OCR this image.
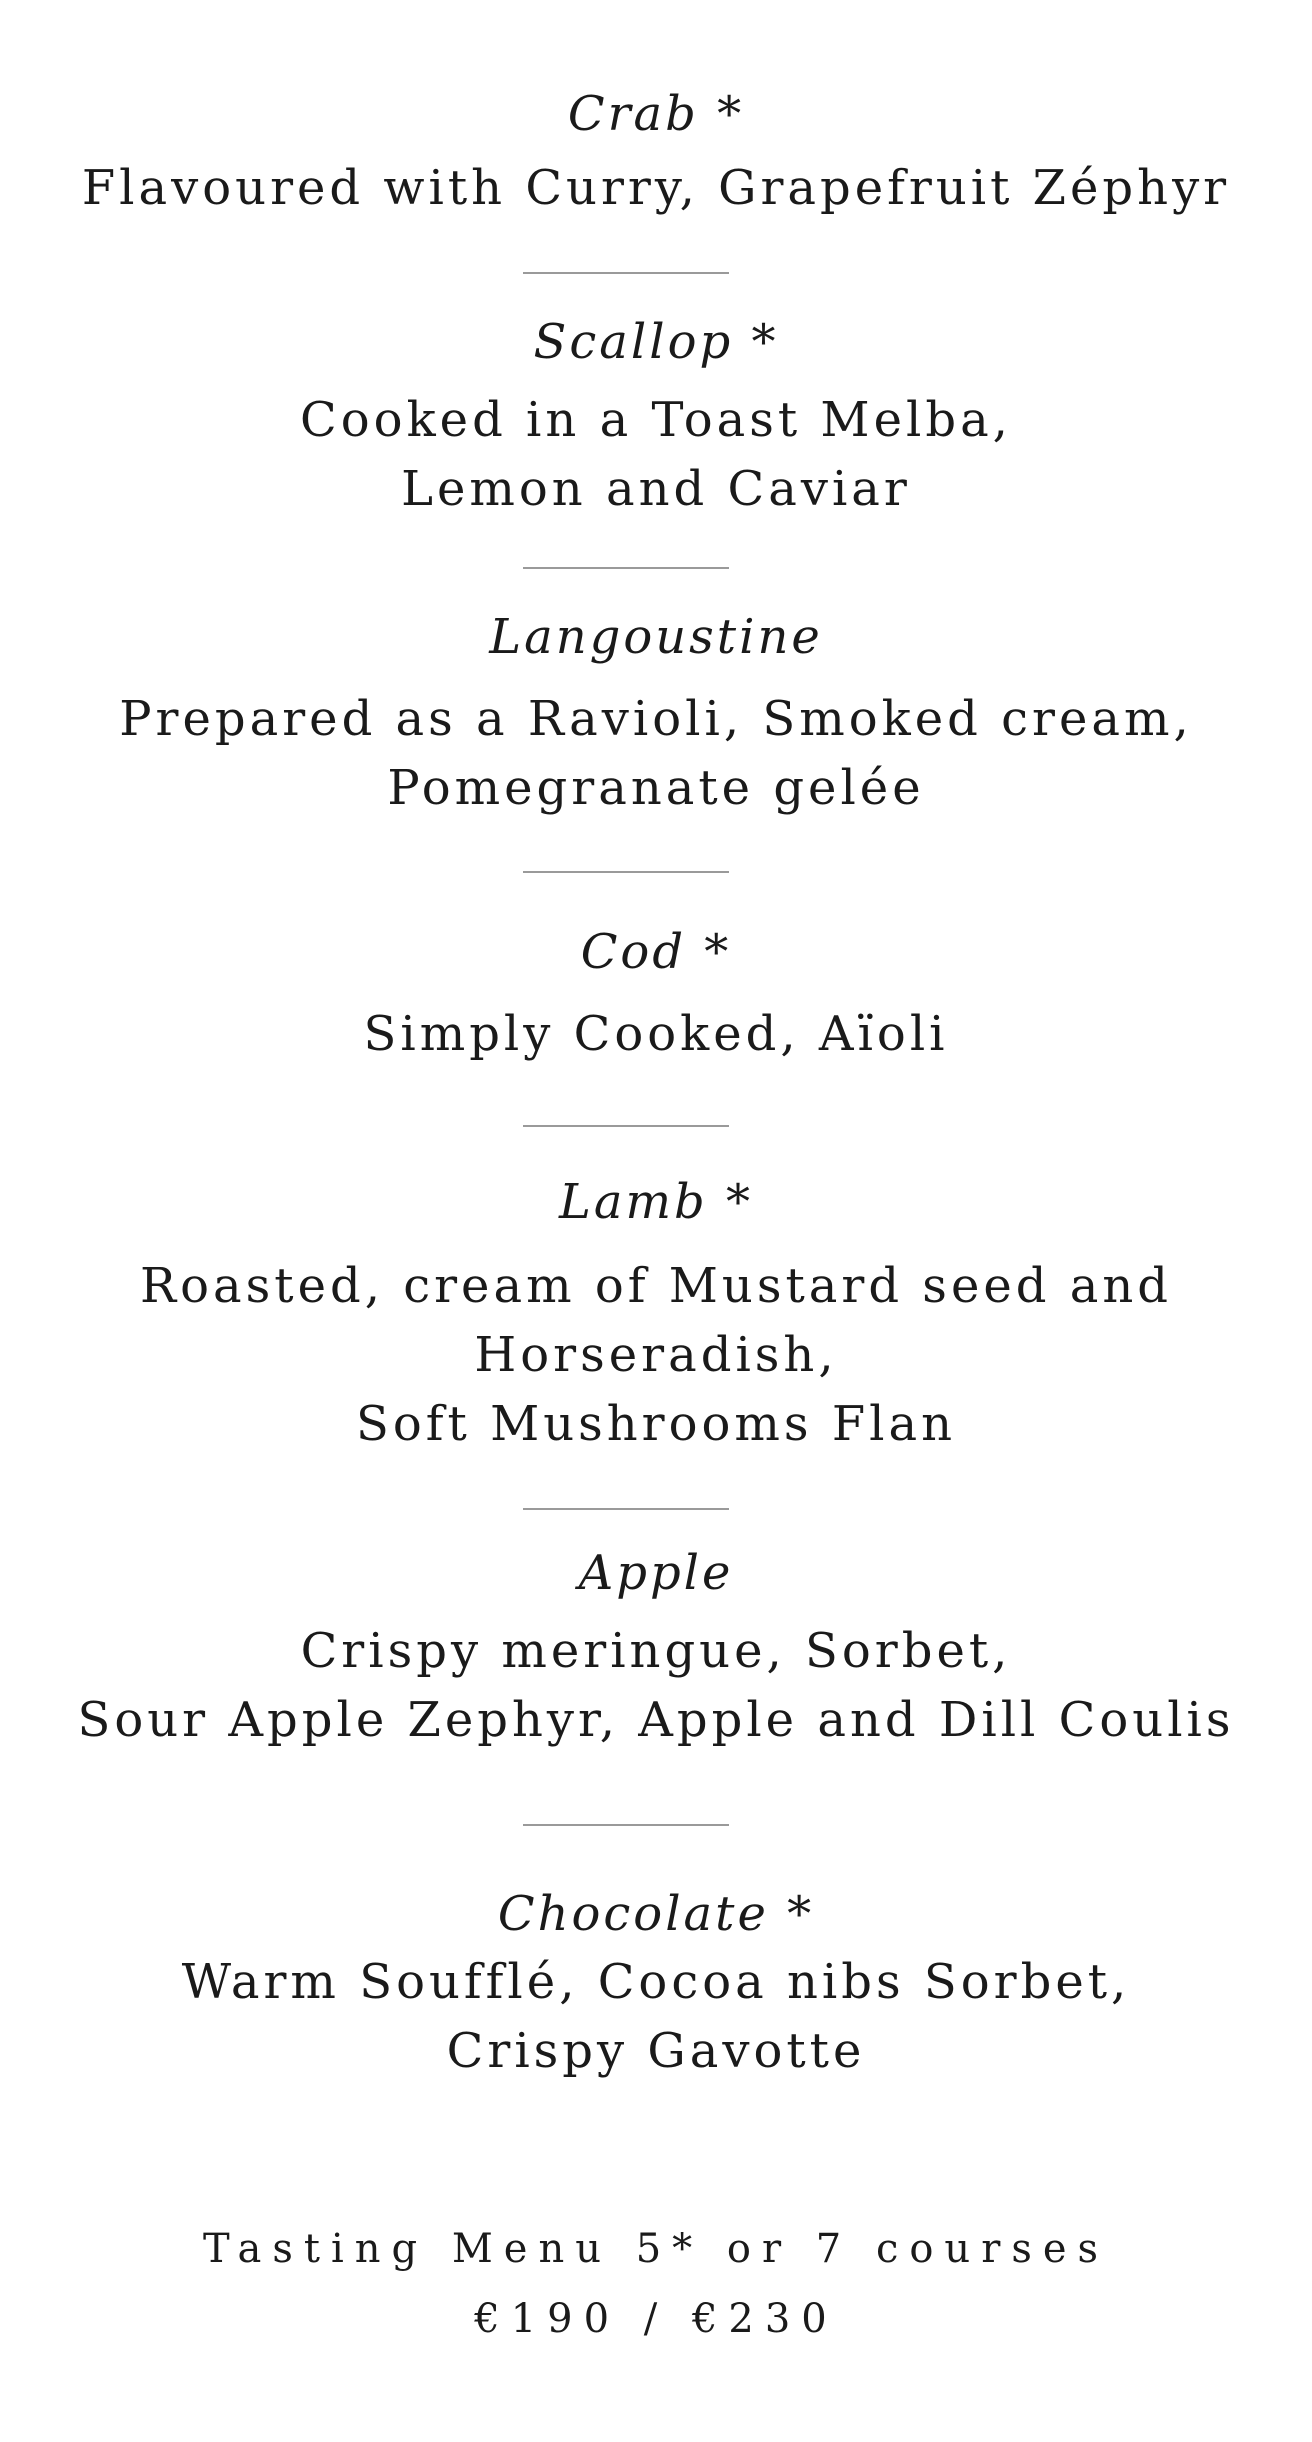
Crab *
Flavoured with Curry, Grapefruit Zéphyr
Scallop *
Cooked in a Toast Melba,
Lemon and Caviar
Langoustine
Prepared as a Ravioli, Smoked cream,
Pomegranate gelée
Cod *
Simply Cooked, Aïoli
Lamb *
Roasted, cream of Mustard seed and
Horseradish,
Soft Mushrooms Flan
Apple
Crispy meringue, Sorbet,
Sour Apple Zephyr, Apple and Dill Coulis
Chocolate *
Warm Soufflé, Cocoa nibs Sorbet,
Crispy Gavotte
Tasting Menu 5* or 7 courses
€190 / €230
